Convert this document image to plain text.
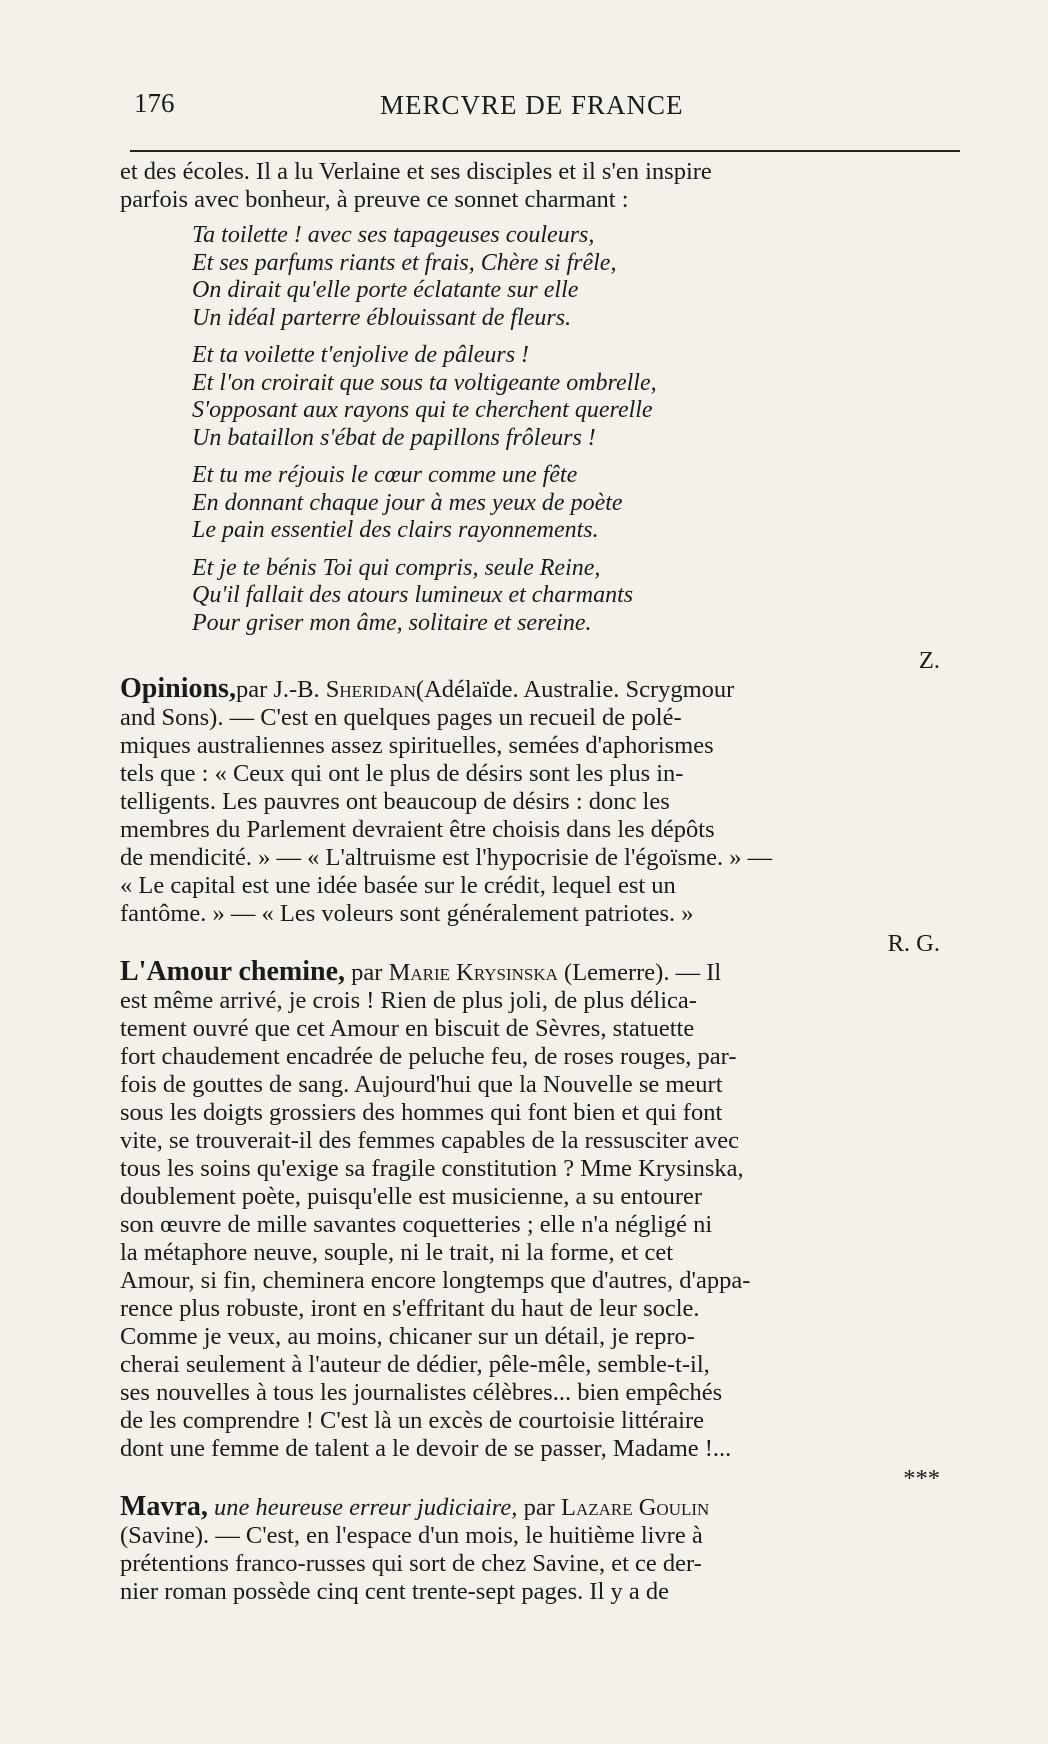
176	MERCVRE DE FRANCE

et des écoles. Il a lu Verlaine et ses disciples et il s'en inspire
parfois avec bonheur, à preuve ce sonnet charmant :

Ta toilette ! avec ses tapageuses couleurs,
Et ses parfums riants et frais, Chère si frêle,
On dirait qu'elle porte éclatante sur elle
Un idéal parterre éblouissant de fleurs.
Et ta voilette t'enjolive de pâleurs !
Et l'on croirait que sous ta voltigeante ombrelle,
S'opposant aux rayons qui te cherchent querelle
Un bataillon s'ébat de papillons frôleurs !
Et tu me réjouis le cœur comme une fête
En donnant chaque jour à mes yeux de poète
Le pain essentiel des clairs rayonnements.
Et je te bénis Toi qui compris, seule Reine,
Qu'il fallait des atours lumineux et charmants
Pour griser mon âme, solitaire et sereine.
Z.

Opinions,par J.-B. Sheridan(Adélaïde. Australie. Scrygmour
and Sons). — C'est en quelques pages un recueil de polé-
miques australiennes assez spirituelles, semées d'aphorismes
tels que : « Ceux qui ont le plus de désirs sont les plus in-
telligents. Les pauvres ont beaucoup de désirs : donc les
membres du Parlement devraient être choisis dans les dépôts
de mendicité. » — « L'altruisme est l'hypocrisie de l'égoïsme. » —
« Le capital est une idée basée sur le crédit, lequel est un
fantôme. » — « Les voleurs sont généralement patriotes. »

R. G.

L'Amour chemine, par Marie Krysinska (Lemerre). — Il
est même arrivé, je crois ! Rien de plus joli, de plus délica-
tement ouvré que cet Amour en biscuit de Sèvres, statuette
fort chaudement encadrée de peluche feu, de roses rouges, par-
fois de gouttes de sang. Aujourd'hui que la Nouvelle se meurt
sous les doigts grossiers des hommes qui font bien et qui font
vite, se trouverait-il des femmes capables de la ressusciter avec
tous les soins qu'exige sa fragile constitution ? Mme Krysinska,
doublement poète, puisqu'elle est musicienne, a su entourer
son œuvre de mille savantes coquetteries ; elle n'a négligé ni
la métaphore neuve, souple, ni le trait, ni la forme, et cet
Amour, si fin, cheminera encore longtemps que d'autres, d'appa-
rence plus robuste, iront en s'effritant du haut de leur socle.
Comme je veux, au moins, chicaner sur un détail, je repro-
cherai seulement à l'auteur de dédier, pêle-mêle, semble-t-il,
ses nouvelles à tous les journalistes célèbres... bien empêchés
de les comprendre ! C'est là un excès de courtoisie littéraire
dont une femme de talent a le devoir de se passer, Madame !...

***

Mavra, une heureuse erreur judiciaire, par Lazare Goulin
(Savine). — C'est, en l'espace d'un mois, le huitième livre à
prétentions franco-russes qui sort de chez Savine, et ce der-
nier roman possède cinq cent trente-sept pages. Il y a de
